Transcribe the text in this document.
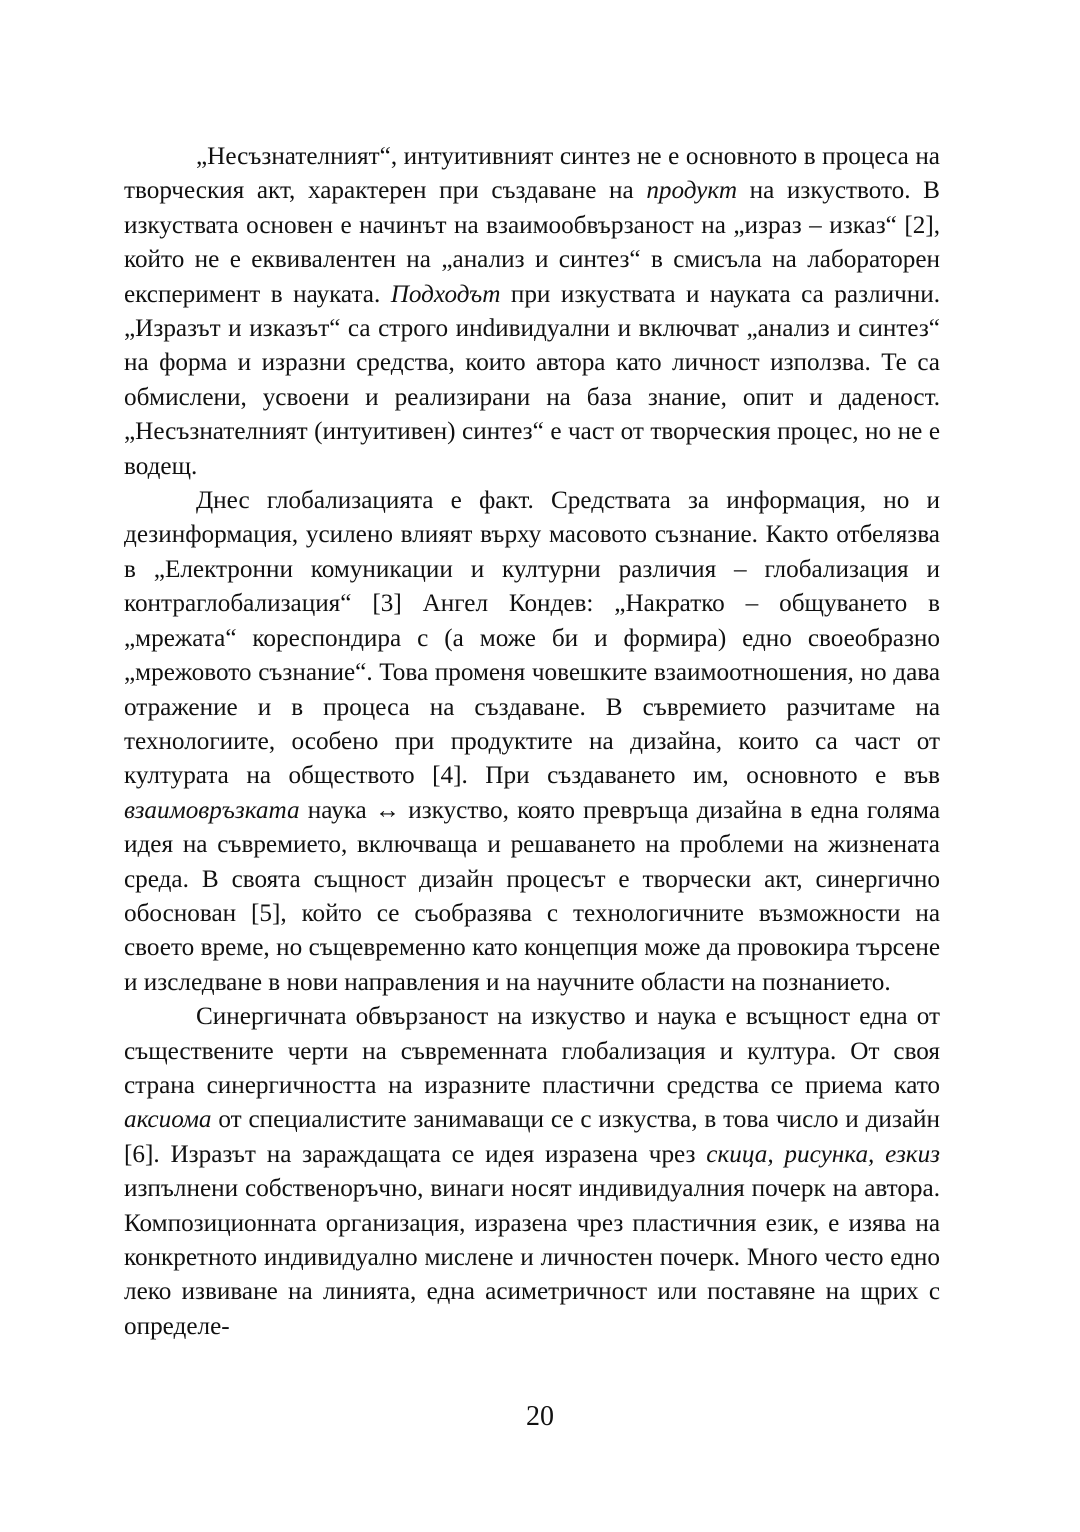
„Несъзнателният“, интуитивният синтез не е основното в процеса на творческия акт, характерен при създаване на продукт на изкуството. В изкуствата основен е начинът на взаимообвързаност на „израз – изказ“ [2], който не е еквивалентен на „анализ и синтез“ в смисъла на лабораторен експеримент в науката. Подходът при изкуствата и науката са различни. „Изразът и изказът“ са строго инdивидуални и включват „анализ и синтез“ на форма и изразни средства, които автора като личност използва. Те са обмислени, усвоени и реализирани на база знание, опит и даденост. „Несъзнателният (интуитивен) синтез“ е част от творческия процес, но не е водещ.

Днес глобализацията е факт. Средствата за информация, но и дезинформация, усилено влияят върху масовото съзнание. Както отбелязва в „Електронни комуникации и културни различия – глобализация и контраглобализация“ [3] Ангел Кондев: „Накратко – общуването в „мрежата“ кореспондира с (а може би и формира) едно своеобразно „мрежовото съзнание“. Това променя човешките взаимоотношения, но дава отражение и в процеса на създаване. В съвремието разчитаме на технологиите, особено при продуктите на дизайна, които са част от културата на обществото [4]. При създаването им, основното е във взаимовръзката наука ↔ изкуство, която превръща дизайна в една голяма идея на съвремието, включваща и решаването на проблеми на жизнената среда. В своята същност дизайн процесът е творчески акт, синергично обоснован [5], който се съобразява с технологичните възможности на своето време, но същевременно като концепция може да провокира търсене и изследване в нови направления и на научните области на познанието.

Синергичната обвързаност на изкуство и наука е всъщност една от съществените черти на съвременната глобализация и култура. От своя страна синергичността на изразните пластични средства се приема като аксиома от специалистите занимаващи се с изкуства, в това число и дизайн [6]. Изразът на зараждащата се идея изразена чрез скица, рисунка, езкиз изпълнени собственоръчно, винаги носят индивидуалния почерк на автора. Композиционната организация, изразена чрез пластичния език, е изява на конкретното индивидуално мислене и личностен почерк. Много често едно леко извиване на линията, една асиметричност или поставяне на щрих с определе-

20
